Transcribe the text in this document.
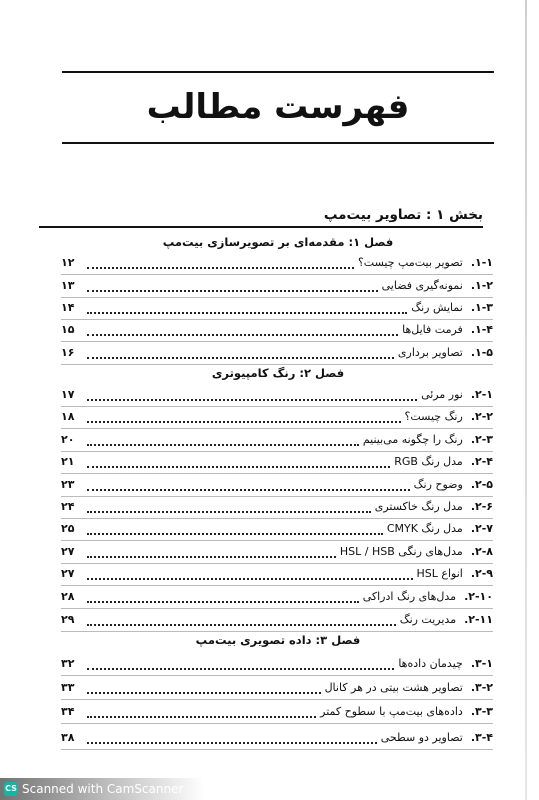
فهرست مطالب
بخش ۱ : تصاویر بیت‌مپ
فصل ۱: مقدمه‌ای بر تصویرسازی بیت‌مپ
۱-۱.
تصویر بیت‌مپ چیست؟
۱۲
۱-۲.
نمونه‌گیری فضایی
۱۳
۱-۳.
نمایش رنگ
۱۴
۱-۴.
فرمت فایل‌ها
۱۵
۱-۵.
تصاویر برداری
۱۶
فصل ۲: رنگ کامپیوتری
۲-۱.
نور مرئی
۱۷
۲-۲.
رنگ چیست؟
۱۸
۲-۳.
رنگ را چگونه می‌بینیم
۲۰
۲-۴.
مدل رنگ RGB
۲۱
۲-۵.
وضوح رنگ
۲۳
۲-۶.
مدل رنگ خاکستری
۲۴
۲-۷.
مدل رنگ CMYK
۲۵
۲-۸.
مدل‌های رنگی HSL / HSB
۲۷
۲-۹.
انواع HSL
۲۷
۲-۱۰.
مدل‌های رنگ ادراکی
۲۸
۲-۱۱.
مدیریت رنگ
۲۹
فصل ۳: داده تصویری بیت‌مپ
۳-۱.
چیدمان داده‌ها
۳۲
۳-۲.
تصاویر هشت بیتی در هر کانال
۳۳
۳-۳.
داده‌های بیت‌مپ با سطوح کمتر
۳۴
۳-۴.
تصاویر دو سطحی
۳۸
CS Scanned with CamScanner
